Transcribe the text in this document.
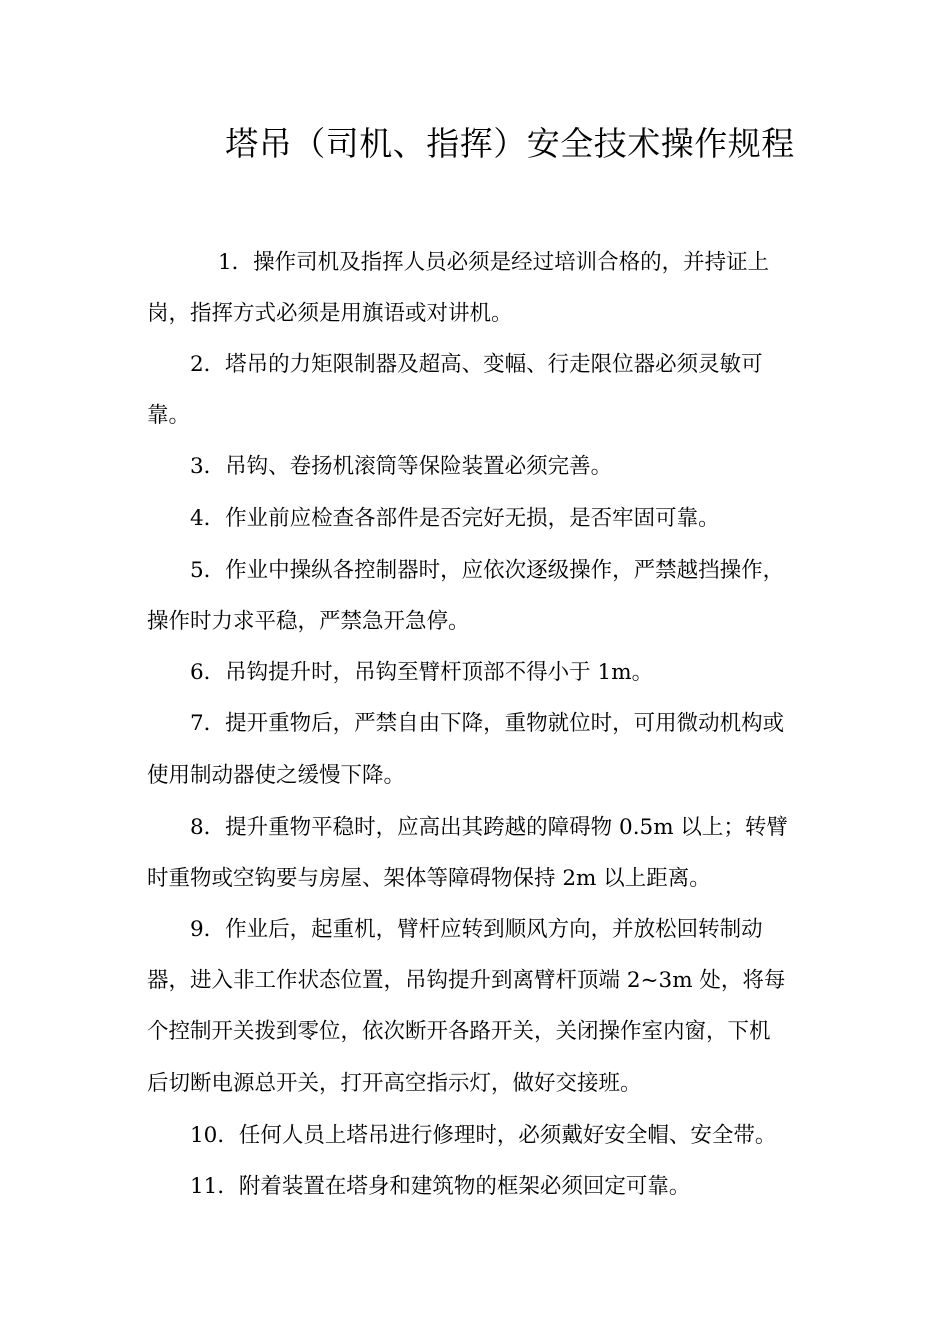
塔吊（司机、指挥）安全技术操作规程
1．操作司机及指挥人员必须是经过培训合格的，并持证上
岗，指挥方式必须是用旗语或对讲机。
2．塔吊的力矩限制器及超高、变幅、行走限位器必须灵敏可
靠。
3．吊钩、卷扬机滚筒等保险装置必须完善。
4．作业前应检查各部件是否完好无损，是否牢固可靠。
5．作业中操纵各控制器时，应依次逐级操作，严禁越挡操作，
操作时力求平稳，严禁急开急停。
6．吊钩提升时，吊钩至臂杆顶部不得小于 1m。
7．提开重物后，严禁自由下降，重物就位时，可用微动机构或
使用制动器使之缓慢下降。
8．提升重物平稳时，应高出其跨越的障碍物 0.5m 以上；转臂
时重物或空钩要与房屋、架体等障碍物保持 2m 以上距离。
9．作业后，起重机，臂杆应转到顺风方向，并放松回转制动
器，进入非工作状态位置，吊钩提升到离臂杆顶端 2~3m 处，将每
个控制开关拨到零位，依次断开各路开关，关闭操作室内窗，下机
后切断电源总开关，打开高空指示灯，做好交接班。
10．任何人员上塔吊进行修理时，必须戴好安全帽、安全带。
11．附着装置在塔身和建筑物的框架必须回定可靠。
